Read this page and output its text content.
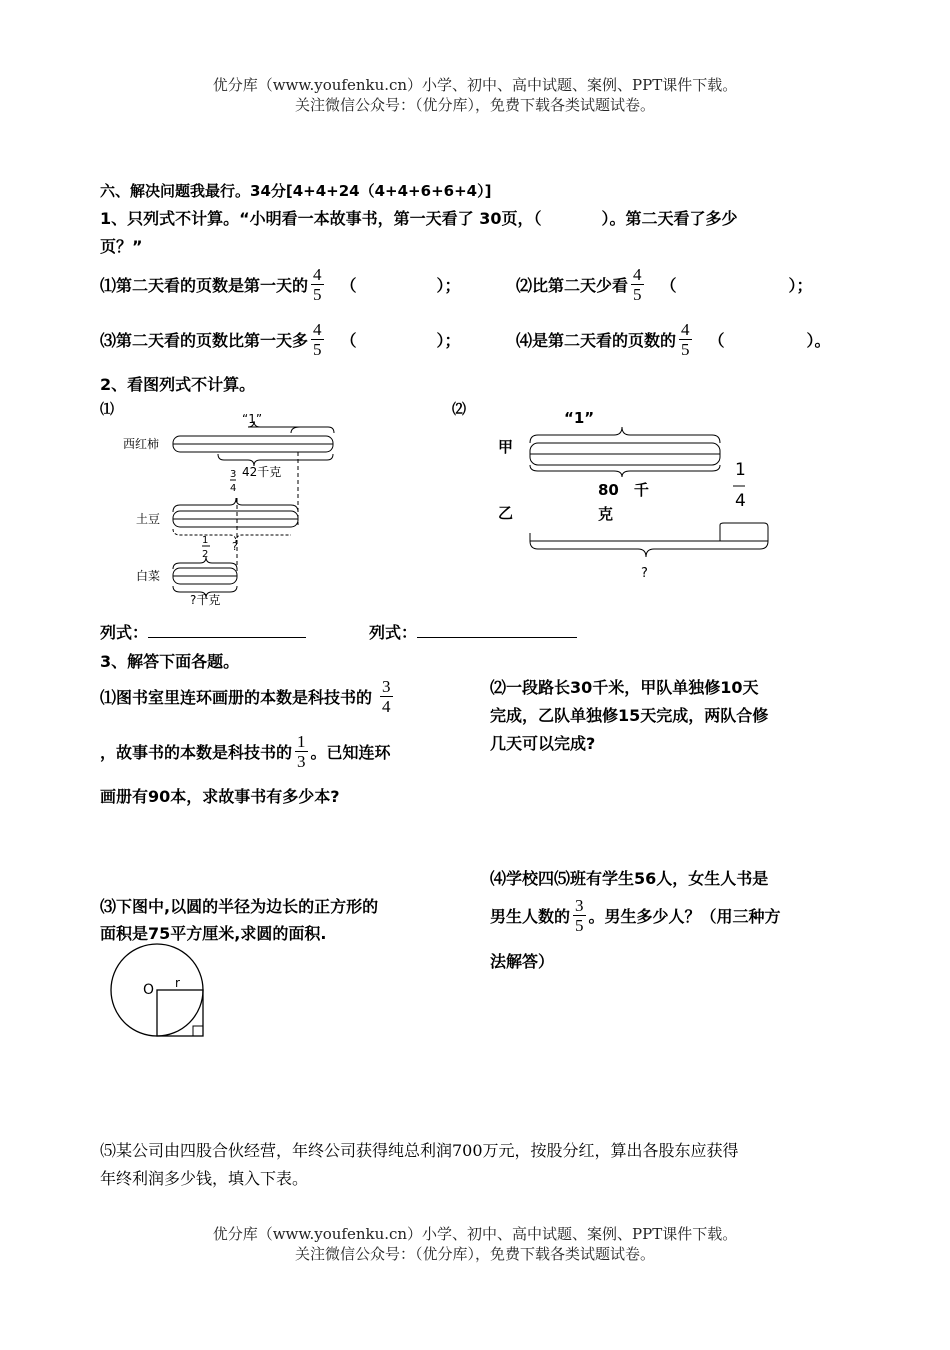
优分库（www.youfenku.cn）小学、初中、高中试题、案例、PPT课件下载。
关注微信公众号：（优分库），免费下载各类试题试卷。
六、解决问题我最行。34分[4+4+24（4+4+6+6+4）]
1、只列式不计算。“小明看一本故事书，第一天看了 30页，（	）。第二天看了多少
页？”
⑴第二天看的页数是第一天的 $\frac{4}{5}$ （	）；	⑵比第二天少看 $\frac{4}{5}$ （	）；
⑶第二天看的页数比第一天多 $\frac{4}{5}$ （	）；	⑷是第二天看的页数的 $\frac{4}{5}$ （	）。
2、看图列式不计算。
⑴	⑵
“1”
西红柿
42千克
3
4
土豆
?
1
2
白菜
?千克
“1”
甲
乙
80　千
克
1
4
?
列式：	列式：
3、解答下面各题。
⑴图书室里连环画册的本数是科技书的 $\frac{3}{4}$
，故事书的本数是科技书的 $\frac{1}{3}$ 。已知连环
画册有90本，求故事书有多少本?
⑵一段路长30千米，甲队单独修10天
完成，乙队单独修15天完成，两队合修
几天可以完成?
⑶下图中,以圆的半径为边长的正方形的
面积是75平方厘米,求圆的面积.
O r
⑷学校四⑸班有学生56人，女生人书是
男生人数的 $\frac{3}{5}$ 。男生多少人？（用三种方
法解答）
⑸某公司由四股合伙经营，年终公司获得纯总利润700万元，按股分红，算出各股东应获得
年终利润多少钱，填入下表。
优分库（www.youfenku.cn）小学、初中、高中试题、案例、PPT课件下载。
关注微信公众号：（优分库），免费下载各类试题试卷。
